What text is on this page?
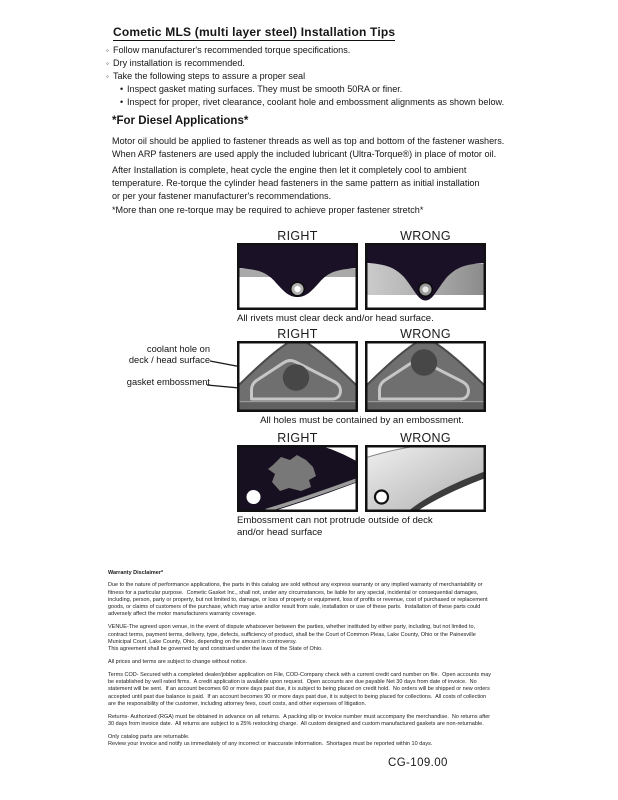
Cometic MLS (multi layer steel) Installation Tips
◦ Follow manufacturer's recommended torque specifications.
◦ Dry installation is recommended.
◦ Take the following steps to assure a proper seal
• Inspect gasket mating surfaces. They must be smooth 50RA or finer.
• Inspect for proper, rivet clearance, coolant hole and embossment alignments as shown below.
*For Diesel Applications*
Motor oil should be applied to fastener threads as well as top and bottom of the fastener washers.
When ARP fasteners are used apply the included lubricant (Ultra-Torque®) in place of motor oil.
After Installation is complete, heat cycle the engine then let it completely cool to ambient
temperature. Re-torque the cylinder head fasteners in the same pattern as initial installation
or per your fastener manufacturer's recommendations.
*More than one re-torque may be required to achieve proper fastener stretch*
RIGHT	WRONG
All rivets must clear deck and/or head surface.
RIGHT	WRONG
coolant hole on
deck / head surface
gasket embossment
All holes must be contained by an embossment.
RIGHT	WRONG
Embossment can not protrude outside of deck
and/or head surface
Warranty Disclaimer*
Due to the nature of performance applications, the parts in this catalog are sold without any express warranty or any implied warranty of merchantability or
fitness for a particular purpose.  Cometic Gasket Inc., shall not, under any circumstances, be liable for any special, incidental or consequential damages,
including, person, party or property, but not limited to, damage, or loss of property or equipment, loss of profits or revenue, cost of purchased or replacement
goods, or claims of customers of the purchase, which may arise and/or result from sale, installation or use of these parts.  Installation of these parts could
adversely affect the motor manufacturers warranty coverage.
VENUE-The agreed upon venue, in the event of dispute whatsoever between the parties, whether instituted by either party, including, but not limited to,
contract terms, payment terms, delivery, type, defects, sufficiency of product, shall be the Court of Common Pleas, Lake County, Ohio or the Painesville
Municipal Court, Lake County, Ohio, depending on the amount in controversy.
This agreement shall be governed by and construed under the laws of the State of Ohio.
All prices and terms are subject to change without notice.
Terms COD- Secured with a completed dealer/jobber application on File, COD-Company check with a current credit card number on file.  Open accounts may
be established by well rated firms.  A credit application is available upon request.  Open accounts are due payable Net 30 days from date of invoice.  No
statement will be sent.  If an account becomes 60 or more days past due, it is subject to being placed on credit hold.  No orders will be shipped or new orders
accepted until past due balance is paid.  If an account becomes 90 or more days past due, it is subject to being placed for collections.  All costs of collection
are the responsibility of the customer, including attorney fees, court costs, and other expenses of litigation.
Returns- Authorized (RGA) must be obtained in advance on all returns.  A packing slip or invoice number must accompany the merchandise.  No returns after
30 days from invoice date.  All returns are subject to a 25% restocking charge.  All custom designed and custom manufactured gaskets are non-returnable.
Only catalog parts are returnable.
Review your invoice and notify us immediately of any incorrect or inaccurate information.  Shortages must be reported within 10 days.
CG-109.00
